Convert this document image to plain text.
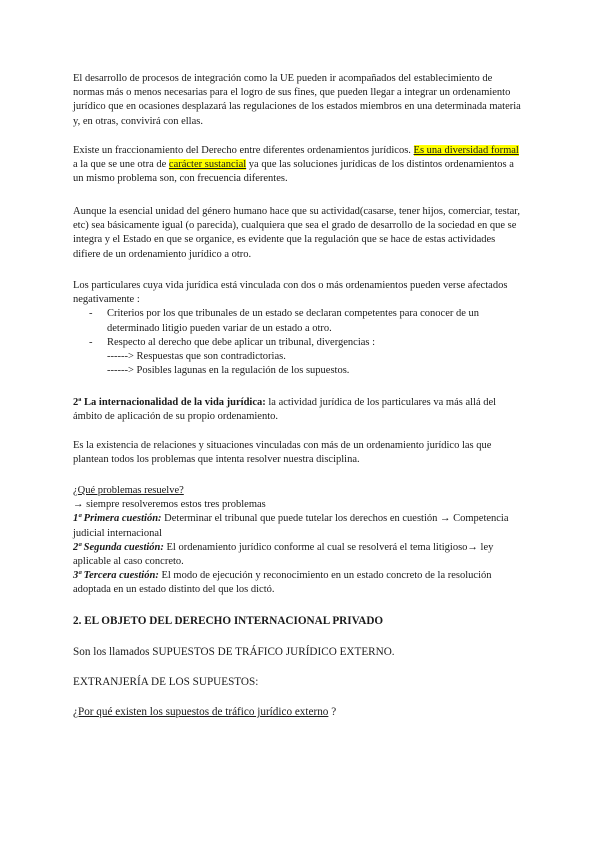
El desarrollo de procesos de integración como la UE pueden ir acompañados del establecimiento de normas más o menos necesarias para el logro de sus fines, que pueden llegar a integrar un ordenamiento jurídico que en ocasiones desplazará las regulaciones de los estados miembros en una determinada materia y, en otras, convivirá con ellas.

Existe un fraccionamiento del Derecho entre diferentes ordenamientos jurídicos. Es una diversidad formal a la que se une otra de carácter sustancial ya que las soluciones jurídicas de los distintos ordenamientos a un mismo problema son, con frecuencia diferentes.

Aunque la esencial unidad del género humano hace que su actividad(casarse, tener hijos, comerciar, testar, etc) sea básicamente igual (o parecida), cualquiera que sea el grado de desarrollo de la sociedad en que se integra y el Estado en que se organice, es evidente que la regulación que se hace de estas actividades difiere de un ordenamiento jurídico a otro.

Los particulares cuya vida jurídica está vinculada con dos o más ordenamientos pueden verse afectados negativamente :

- Criterios por los que tribunales de un estado se declaran competentes para conocer de un determinado litigio pueden variar de un estado a otro.
- Respecto al derecho que debe aplicar un tribunal, divergencias :
------> Respuestas que son contradictorias.
------> Posibles lagunas en la regulación de los supuestos.

2ª La internacionalidad de la vida jurídica: la actividad jurídica de los particulares va más allá del ámbito de aplicación de su propio ordenamiento.

Es la existencia de relaciones y situaciones vinculadas con más de un ordenamiento jurídico las que plantean todos los problemas que intenta resolver nuestra disciplina.

¿Qué problemas resuelve?

→ siempre resolveremos estos tres problemas

1ª Primera cuestión: Determinar el tribunal que puede tutelar los derechos en cuestión → Competencia judicial internacional

2ª Segunda cuestión: El ordenamiento jurídico conforme al cual se resolverá el tema litigioso→ ley aplicable al caso concreto.

3ª Tercera cuestión: El modo de ejecución y reconocimiento en un estado concreto de la resolución adoptada en un estado distinto del que los dictó.

2. EL OBJETO DEL DERECHO INTERNACIONAL PRIVADO

Son los llamados SUPUESTOS DE TRÁFICO JURÍDICO EXTERNO.

EXTRANJERÍA DE LOS SUPUESTOS:

¿Por qué existen los supuestos de tráfico jurídico externo ?
